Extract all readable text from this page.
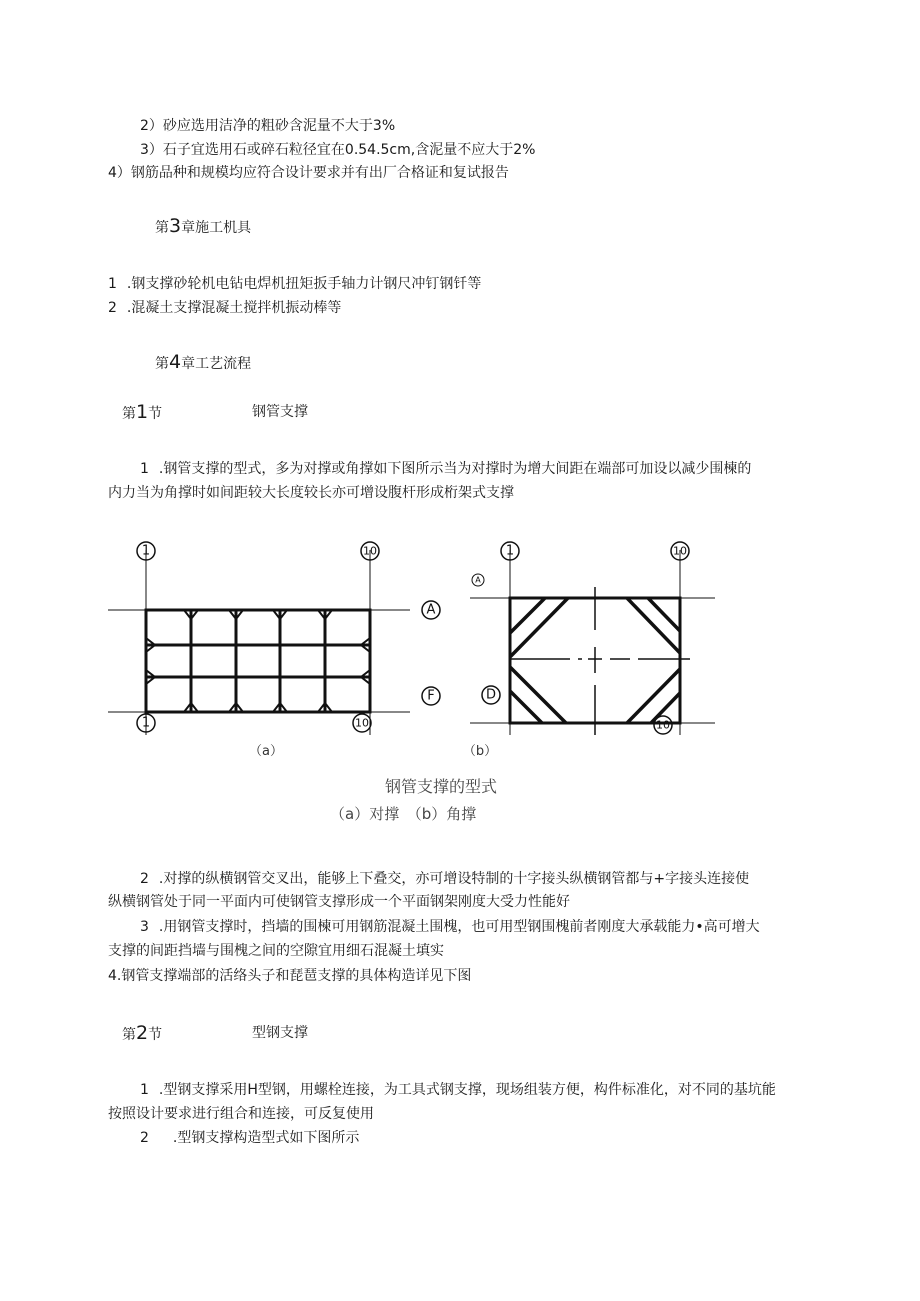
2）砂应选用洁净的粗砂含泥量不大于3%
3）石子宜选用石或碎石粒径宜在0.54.5cm,含泥量不应大于2%
4）钢筋品种和规模均应符合设计要求并有出厂合格证和复试报告
第3章施工机具
1 .钢支撑砂轮机电钻电焊机扭矩扳手轴力计钢尺冲钉钢钎等
2 .混凝土支撑混凝土搅拌机振动棒等
第4章工艺流程
第1节	钢管支撑
1 .钢管支撑的型式，多为对撑或角撑如下图所示当为对撑时为增大间距在端部可加设以减少围楝的
内力当为角撑时如间距较大长度较长亦可增设腹杆形成桁架式支撑
1	10
1	10
A
F
（a）
1	10
A
D
10
（b）
钢管支撑的型式
（a）对撑　（b）角撑
2 .对撑的纵横钢管交叉出，能够上下叠交，亦可增设特制的十字接头纵横钢管都与+字接头连接使
纵横钢管处于同一平面内可使钢管支撑形成一个平面钢架刚度大受力性能好
3 .用钢管支撑时，挡墙的围楝可用钢筋混凝土围槐，也可用型钢围槐前者刚度大承载能力•高可增大
支撑的间距挡墙与围槐之间的空隙宜用细石混凝土填实
4.钢管支撑端部的活络头子和琵琶支撑的具体构造详见下图
第2节	型钢支撑
1 .型钢支撑采用H型钢，用螺栓连接，为工具式钢支撑，现场组装方便，构件标准化，对不同的基坑能
按照设计要求进行组合和连接，可反复使用
2 .型钢支撑构造型式如下图所示
